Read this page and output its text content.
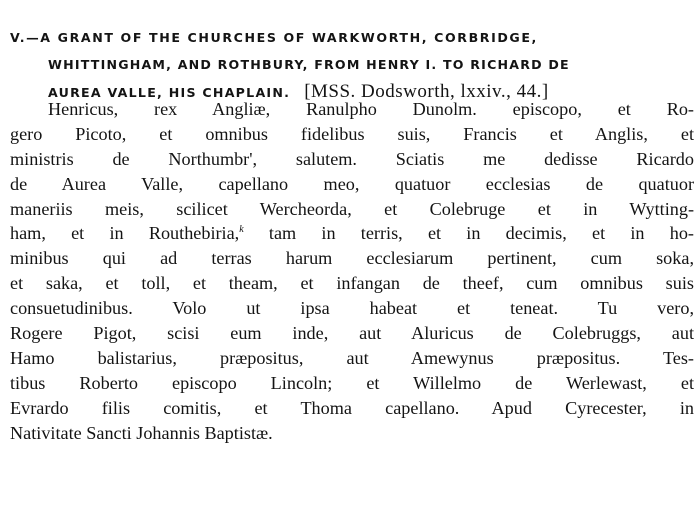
V.—A GRANT OF THE CHURCHES OF WARKWORTH, CORBRIDGE,
WHITTINGHAM, AND ROTHBURY, FROM HENRY I. TO RICHARD DE
AUREA VALLE, HIS CHAPLAIN. [MSS. Dodsworth, lxxiv., 44.]
Henricus, rex Angliæ, Ranulpho Dunolm. episcopo, et Ro-
gero Picoto, et omnibus fidelibus suis, Francis et Anglis, et
ministris de Northumbr', salutem. Sciatis me dedisse Ricardo
de Aurea Valle, capellano meo, quatuor ecclesias de quatuor
maneriis meis, scilicet Wercheorda, et Colebruge et in Wytting-
ham, et in Routhebiria,$^k$ tam in terris, et in decimis, et in ho-
minibus qui ad terras harum ecclesiarum pertinent, cum soka,
et saka, et toll, et theam, et infangan de theef, cum omnibus suis
consuetudinibus. Volo ut ipsa habeat et teneat. Tu vero,
Rogere Pigot, scisi eum inde, aut Aluricus de Colebruggs, aut
Hamo balistarius, præpositus, aut Amewynus præpositus. Tes-
tibus Roberto episcopo Lincoln; et Willelmo de Werlewast, et
Evrardo filis comitis, et Thoma capellano. Apud Cyrecester, in
Nativitate Sancti Johannis Baptistæ.
